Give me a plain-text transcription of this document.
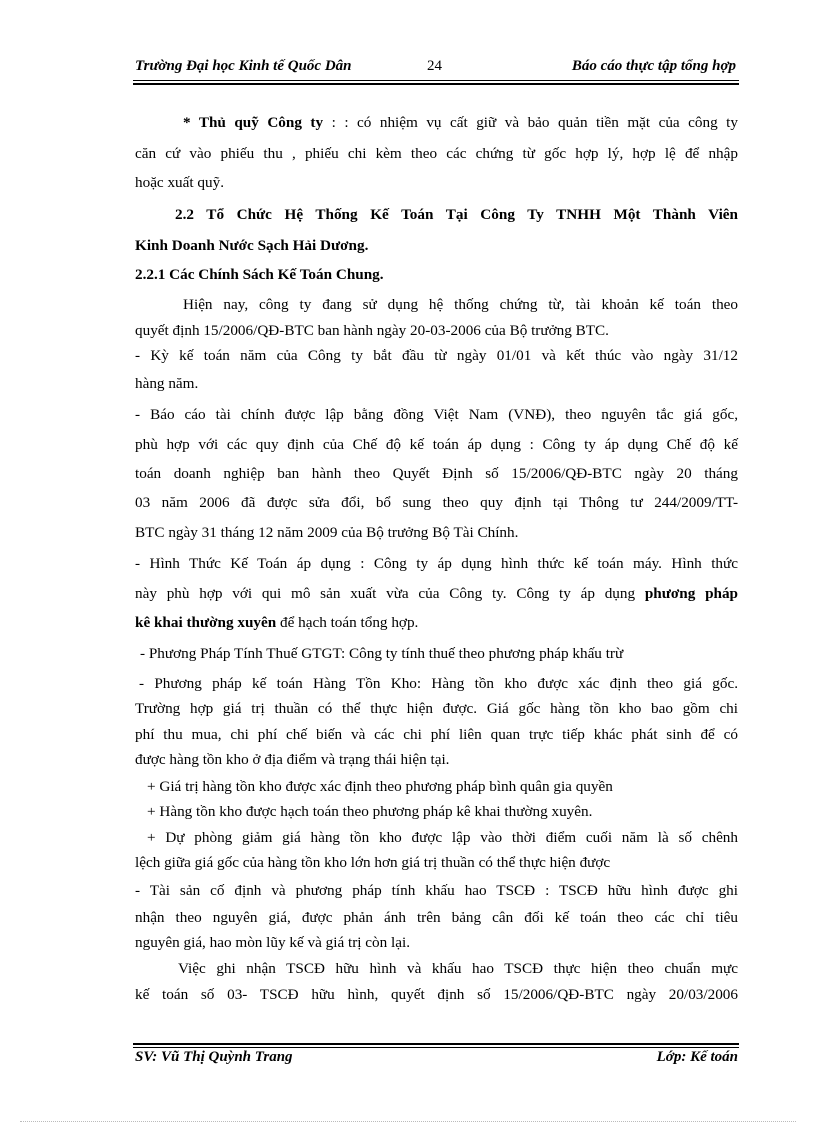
Trường Đại học Kinh tế Quốc Dân	24	Báo cáo thực tập tổng hợp
* Thủ quỹ Công ty : : có nhiệm vụ cất giữ và bảo quản tiền mặt của công ty
căn cứ vào phiếu thu , phiếu chi kèm theo các chứng từ gốc hợp lý, hợp lệ để nhập
hoặc xuất quỹ.
2.2 Tổ Chức Hệ Thống Kế Toán Tại Công Ty TNHH Một Thành Viên
Kinh Doanh Nước Sạch Hải Dương.
2.2.1 Các Chính Sách Kế Toán Chung.
Hiện nay, công ty đang sử dụng hệ thống chứng từ, tài khoản kế toán theo
quyết định 15/2006/QĐ-BTC ban hành ngày 20-03-2006 của Bộ trưởng BTC.
- Kỳ kế toán năm của Công ty bắt đầu từ ngày 01/01 và kết thúc vào ngày 31/12
hàng năm.
- Báo cáo tài chính được lập bằng đồng Việt Nam (VNĐ), theo nguyên tắc giá gốc,
phù hợp với các quy định của Chế độ kế toán áp dụng : Công ty áp dụng Chế độ kế
toán doanh nghiệp ban hành theo Quyết Định số 15/2006/QĐ-BTC ngày 20 tháng
03 năm 2006 đã được sửa đổi, bổ sung theo quy định tại Thông tư 244/2009/TT-
BTC ngày 31 tháng 12 năm 2009 của Bộ trưởng Bộ Tài Chính.
- Hình Thức Kế Toán áp dụng : Công ty áp dụng hình thức kế toán máy. Hình thức
này phù hợp với qui mô sản xuất vừa của Công ty. Công ty áp dụng phương pháp
kê khai thường xuyên để hạch toán tổng hợp.
- Phương Pháp Tính Thuế GTGT: Công ty tính thuế theo phương pháp khấu trừ
- Phương pháp kế toán Hàng Tồn Kho: Hàng tồn kho được xác định theo giá gốc.
Trường hợp giá trị thuần có thể thực hiện được. Giá gốc hàng tồn kho bao gồm chi
phí thu mua, chi phí chế biến và các chi phí liên quan trực tiếp khác phát sinh để có
được hàng tồn kho ở địa điểm và trạng thái hiện tại.
+ Giá trị hàng tồn kho được xác định theo phương pháp bình quân gia quyền
+ Hàng tồn kho được hạch toán theo phương pháp kê khai thường xuyên.
+ Dự phòng giảm giá hàng tồn kho được lập vào thời điểm cuối năm là số chênh
lệch giữa giá gốc của hàng tồn kho lớn hơn giá trị thuần có thể thực hiện được
- Tài sản cố định và phương pháp tính khấu hao TSCĐ : TSCĐ hữu hình được ghi
nhận theo nguyên giá, được phản ánh trên bảng cân đối kế toán theo các chỉ tiêu
nguyên giá, hao mòn lũy kế và giá trị còn lại.
Việc ghi nhận TSCĐ hữu hình và khấu hao TSCĐ thực hiện theo chuẩn mực
kế toán số 03- TSCĐ hữu hình, quyết định số 15/2006/QĐ-BTC ngày 20/03/2006
SV: Vũ Thị Quỳnh Trang	Lớp: Kế toán
